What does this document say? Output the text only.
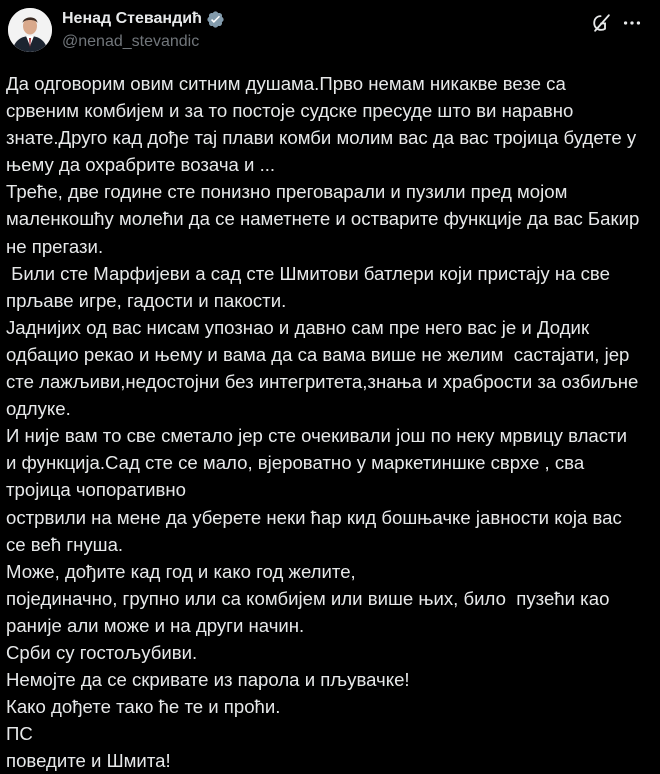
Ненад Стевандић
@nenad_stevandic
Да одговорим овим ситним душама.Прво немам никакве везе са
срвеним комбијем и за то постоје судске пресуде што ви наравно
знате.Друго кад дође тај плави комби молим вас да вас тројица будете у
њему да охрабрите возача и ...
Треће, две године сте понизно преговарали и пузили пред мојом
маленкошћу молећи да се наметнете и остварите функције да вас Бакир
не прегази.
Били сте Марфијеви а сад сте Шмитови батлери који пристају на све
прљаве игре, гадости и пакости.
Јаднијих од вас нисам упознао и давно сам пре него вас је и Додик
одбацио рекао и њему и вама да са вама више не желим  састајати, јер
сте лажљиви,недостојни без интегритета,знања и храбрости за озбиљне
одлуке.
И није вам то све сметало јер сте очекивали још по неку мрвицу власти
и функција.Сад сте се мало, вјероватно у маркетиншке сврхе , сва
тројица чопоративно
острвили на мене да уберете неки ћар кид бошњачке јавности која вас
се већ гнуша.
Може, дођите кад год и како год желите,
појединачно, групно или са комбијем или више њих, било  пузећи као
раније али може и на други начин.
Срби су гостољубиви.
Немојте да се скривате из парола и пљувачке!
Како дођете тако ће те и проћи.
ПС
поведите и Шмита!
